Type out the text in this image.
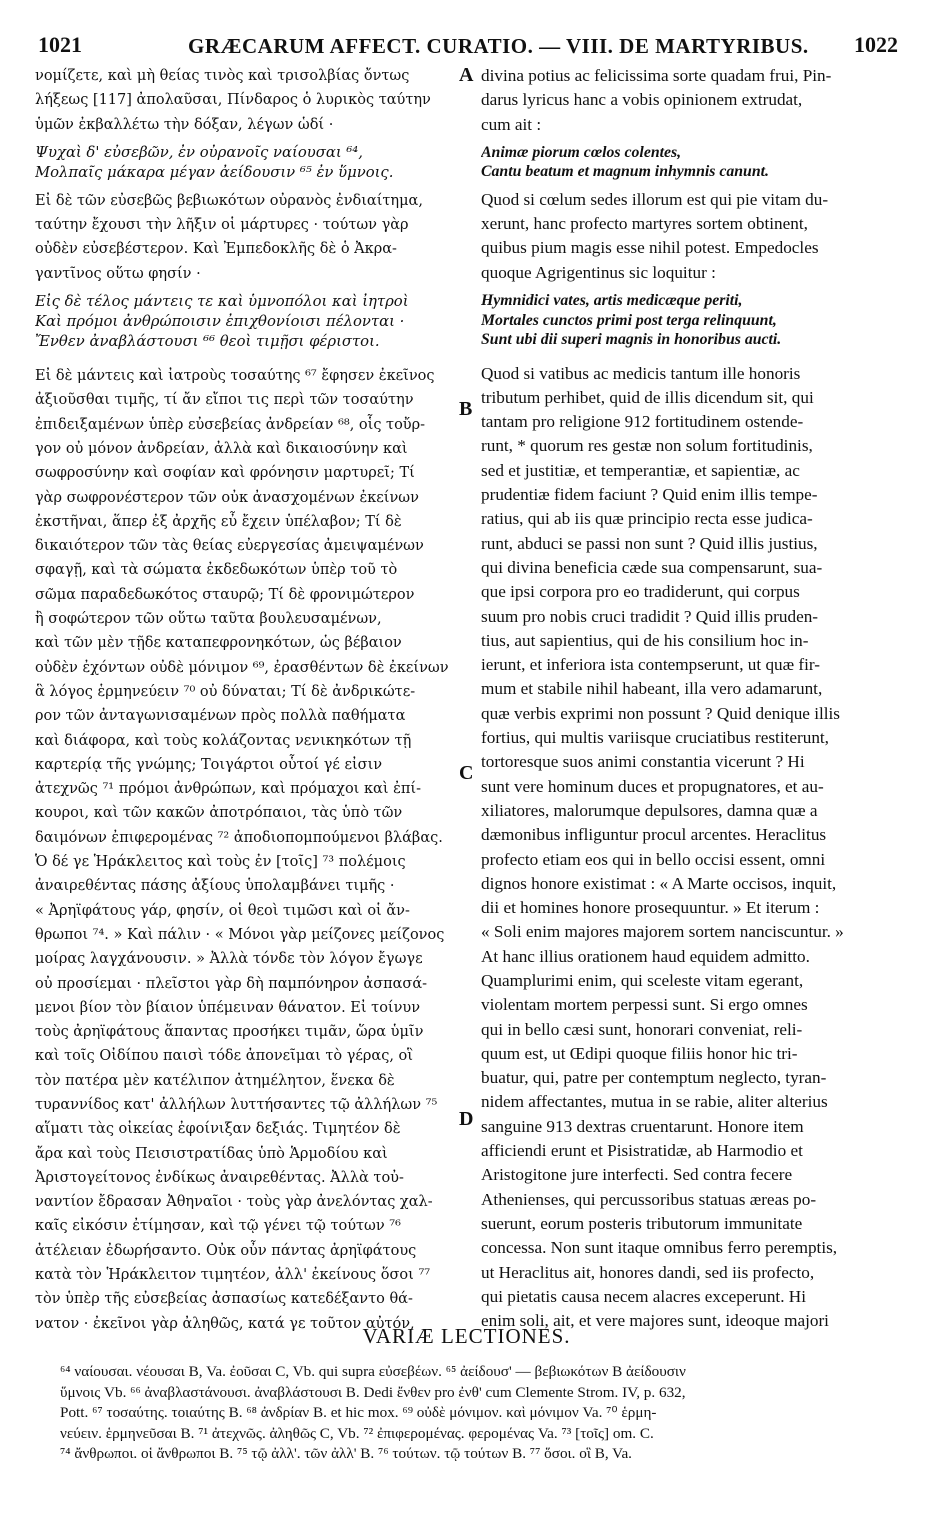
1021	GRÆCARUM AFFECT. CURATIO. — VIII. DE MARTYRIBUS. 1022
νομίζετε, καὶ μὴ θείας τινὸς καὶ τρισολβίας ὄντως
λήξεως [117] ἀπολαῦσαι, Πίνδαρος ὁ λυρικὸς ταύτην
ὑμῶν ἐκβαλλέτω τὴν δόξαν, λέγων ὡδί ·
Ψυχαὶ δ' εὐσεβῶν, ἐν οὐρανοῖς ναίουσαι ⁶⁴,
Μολπαῖς μάκαρα μέγαν ἀείδουσιν ⁶⁵ ἐν ὕμνοις.
Εἰ δὲ τῶν εὐσεβῶς βεβιωκότων οὐρανὸς ἐνδιαίτημα,
ταύτην ἔχουσι τὴν λῆξιν οἱ μάρτυρες · τούτων γὰρ
οὐδὲν εὐσεβέστερον. Καὶ Ἐμπεδοκλῆς δὲ ὁ Ἀκρα-
γαντῖνος οὕτω φησίν ·
Εἰς δὲ τέλος μάντεις τε καὶ ὑμνοπόλοι καὶ ἰητροὶ
Καὶ πρόμοι ἀνθρώποισιν ἐπιχθονίοισι πέλονται ·
Ἔνθεν ἀναβλάστουσι ⁶⁶ θεοὶ τιμῇσι φέριστοι.
Εἰ δὲ μάντεις καὶ ἰατροὺς τοσαύτης ⁶⁷ ἔφησεν ἐκεῖνος
ἀξιοῦσθαι τιμῆς, τί ἄν εἴποι τις περὶ τῶν τοσαύτην
ἐπιδειξαμένων ὑπὲρ εὐσεβείας ἀνδρείαν ⁶⁸, οἷς τοὔρ-
γον οὐ μόνον ἀνδρείαν, ἀλλὰ καὶ δικαιοσύνην καὶ
σωφροσύνην καὶ σοφίαν καὶ φρόνησιν μαρτυρεῖ; Τί
γὰρ σωφρονέστερον τῶν οὐκ ἀνασχομένων ἐκείνων
ἐκστῆναι, ἅπερ ἐξ ἀρχῆς εὖ ἔχειν ὑπέλαβον; Τί δὲ
δικαιότερον τῶν τὰς θείας εὐεργεσίας ἀμειψαμένων
σφαγῇ, καὶ τὰ σώματα ἐκδεδωκότων ὑπὲρ τοῦ τὸ
σῶμα παραδεδωκότος σταυρῷ; Τί δὲ φρονιμώτερον
ἢ σοφώτερον τῶν οὕτω ταῦτα βουλευσαμένων,
καὶ τῶν μὲν τῇδε καταπεφρονηκότων, ὡς βέβαιον
οὐδὲν ἐχόντων οὐδὲ μόνιμον ⁶⁹, ἐρασθέντων δὲ ἐκείνων
ἃ λόγος ἑρμηνεύειν ⁷⁰ οὐ δύναται; Τί δὲ ἀνδρικώτε-
ρον τῶν ἀνταγωνισαμένων πρὸς πολλὰ παθήματα
καὶ διάφορα, καὶ τοὺς κολάζοντας νενικηκότων τῇ
καρτερίᾳ τῆς γνώμης; Τοιγάρτοι οὗτοί γέ εἰσιν
ἀτεχνῶς ⁷¹ πρόμοι ἀνθρώπων, καὶ πρόμαχοι καὶ ἐπί-
κουροι, καὶ τῶν κακῶν ἀποτρόπαιοι, τὰς ὑπὸ τῶν
δαιμόνων ἐπιφερομένας ⁷² ἀποδιοπομπούμενοι βλάβας.
Ὁ δέ γε Ἡράκλειτος καὶ τοὺς ἐν [τοῖς] ⁷³ πολέμοις
ἀναιρεθέντας πάσης ἀξίους ὑπολαμβάνει τιμῆς ·
« Ἀρηϊφάτους γάρ, φησίν, οἱ θεοὶ τιμῶσι καὶ οἱ ἄν-
θρωποι ⁷⁴. » Καὶ πάλιν · « Μόνοι γὰρ μείζονες μείζονος
μοίρας λαγχάνουσιν. » Ἀλλὰ τόνδε τὸν λόγον ἔγωγε
οὐ προσίεμαι · πλεῖστοι γὰρ δὴ παμπόνηρον ἀσπασά-
μενοι βίον τὸν βίαιον ὑπέμειναν θάνατον. Εἰ τοίνυν
τοὺς ἀρηϊφάτους ἅπαντας προσήκει τιμᾶν, ὥρα ὑμῖν
καὶ τοῖς Οἰδίπου παισὶ τόδε ἀπονεῖμαι τὸ γέρας, οἳ
τὸν πατέρα μὲν κατέλιπον ἀτημέλητον, ἕνεκα δὲ
τυραννίδος κατ' ἀλλήλων λυττήσαντες τῷ ἀλλήλων ⁷⁵
αἵματι τὰς οἰκείας ἐφοίνιξαν δεξιάς. Τιμητέον δὲ
ἄρα καὶ τοὺς Πεισιστρατίδας ὑπὸ Ἁρμοδίου καὶ
Ἀριστογείτονος ἐνδίκως ἀναιρεθέντας. Ἀλλὰ τοὐ-
ναντίον ἔδρασαν Ἀθηναῖοι · τοὺς γὰρ ἀνελόντας χαλ-
καῖς εἰκόσιν ἐτίμησαν, καὶ τῷ γένει τῷ τούτων ⁷⁶
ἀτέλειαν ἐδωρήσαντο. Οὐκ οὖν πάντας ἀρηϊφάτους
κατὰ τὸν Ἡράκλειτον τιμητέον, ἀλλ' ἐκείνους ὅσοι ⁷⁷
τὸν ὑπὲρ τῆς εὐσεβείας ἀσπασίως κατεδέξαντο θά-
νατον · ἐκεῖνοι γὰρ ἀληθῶς, κατά γε τοῦτον αὐτόν,
divina potius ac felicissima sorte quadam frui, Pin-
darus lyricus hanc a vobis opinionem extrudat,
cum ait :
Animæ piorum cœlos colentes,
Cantu beatum et magnum inhymnis canunt.
Quod si cœlum sedes illorum est qui pie vitam du-
xerunt, hanc profecto martyres sortem obtinent,
quibus pium magis esse nihil potest. Empedocles
quoque Agrigentinus sic loquitur :
Hymnidici vates, artis medicæque periti,
Mortales cunctos primi post terga relinquunt,
Sunt ubi dii superi magnis in honoribus aucti.
Quod si vatibus ac medicis tantum ille honoris
tributum perhibet, quid de illis dicendum sit, qui
tantam pro religione 912 fortitudinem ostende-
runt, * quorum res gestæ non solum fortitudinis,
sed et justitiæ, et temperantiæ, et sapientiæ, ac
prudentiæ fidem faciunt ? Quid enim illis tempe-
ratius, qui ab iis quæ principio recta esse judica-
runt, abduci se passi non sunt ? Quid illis justius,
qui divina beneficia cæde sua compensarunt, sua-
que ipsi corpora pro eo tradiderunt, qui corpus
suum pro nobis cruci tradidit ? Quid illis pruden-
tius, aut sapientius, qui de his consilium hoc in-
ierunt, et inferiora ista contempserunt, ut quæ fir-
mum et stabile nihil habeant, illa vero adamarunt,
quæ verbis exprimi non possunt ? Quid denique illis
fortius, qui multis variisque cruciatibus restiterunt,
tortoresque suos animi constantia vicerunt ? Hi
sunt vere hominum duces et propugnatores, et au-
xiliatores, malorumque depulsores, damna quæ a
dæmonibus infliguntur procul arcentes. Heraclitus
profecto etiam eos qui in bello occisi essent, omni
dignos honore existimat : « A Marte occisos, inquit,
dii et homines honore prosequuntur. » Et iterum :
« Soli enim majores majorem sortem nanciscuntur. »
At hanc illius orationem haud equidem admitto.
Quamplurimi enim, qui sceleste vitam egerant,
violentam mortem perpessi sunt. Si ergo omnes
qui in bello cæsi sunt, honorari conveniat, reli-
quum est, ut Œdipi quoque filiis honor hic tri-
buatur, qui, patre per contemptum neglecto, tyran-
nidem affectantes, mutua in se rabie, aliter alterius
sanguine 913 dextras cruentarunt. Honore item
afficiendi erunt et Pisistratidæ, ab Harmodio et
Aristogitone jure interfecti. Sed contra fecere
Athenienses, qui percussoribus statuas æreas po-
suerunt, eorum posteris tributorum immunitate
concessa. Non sunt itaque omnibus ferro peremptis,
ut Heraclitus ait, honores dandi, sed iis profecto,
qui pietatis causa necem alacres exceperunt. Hi
enim soli, ait, et vere majores sunt, ideoque majori
A
B
C
D
VARIÆ LECTIONES.
⁶⁴ ναίουσαι. νέουσαι B, Va. ἐοῦσαι C, Vb. qui supra εὐσεβέων. ⁶⁵ ἀείδουσ' — βεβιωκότων B ἀείδουσιν
ὕμνοις Vb. ⁶⁶ ἀναβλαστάνουσι. ἀναβλάστουσι B. Dedi ἔνθεν pro ἐνθ' cum Clemente Strom. IV, p. 632,
Pott. ⁶⁷ τοσαύτης. τοιαύτης B. ⁶⁸ ἀνδρίαν B. et hic mox. ⁶⁹ οὐδὲ μόνιμον. καὶ μόνιμον Va. ⁷⁰ ἑρμη-
νεύειν. ἑρμηνεῦσαι B. ⁷¹ ἀτεχνῶς. ἀληθῶς C, Vb. ⁷² ἐπιφερομένας. φερομένας Va. ⁷³ [τοῖς] om. C.
⁷⁴ ἄνθρωποι. οἱ ἄνθρωποι B. ⁷⁵ τῷ ἀλλ'. τῶν ἀλλ' B. ⁷⁶ τούτων. τῷ τούτων B. ⁷⁷ ὅσοι. οἳ B, Va.
